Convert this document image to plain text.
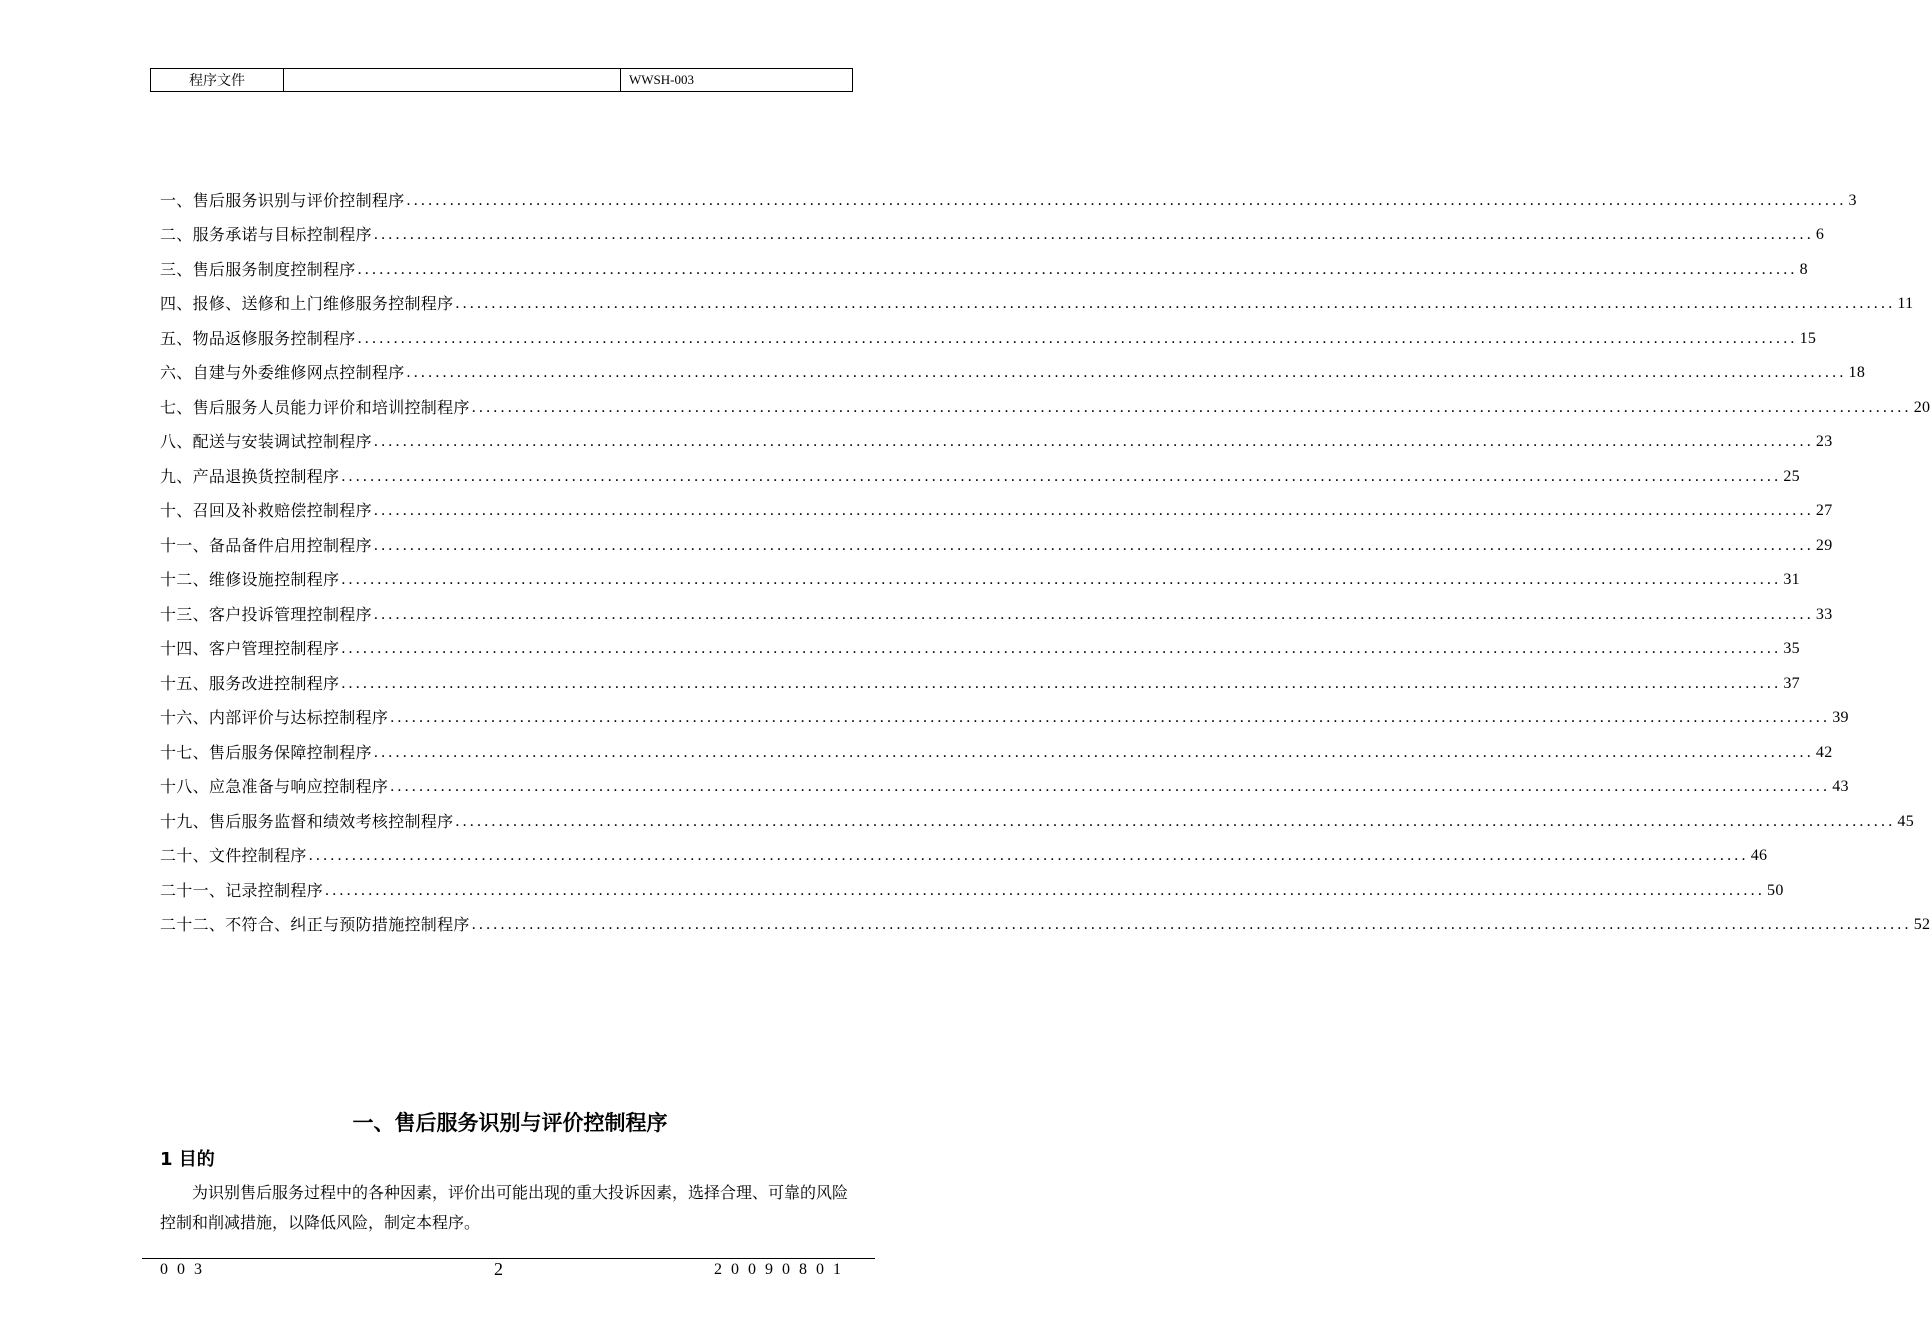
程序文件	WWSH-003
一、售后服务识别与评价控制程序 ........................................................................................................................................................................................................ 3
二、服务承诺与目标控制程序 ........................................................................................................................................................................................................ 6
三、售后服务制度控制程序 ........................................................................................................................................................................................................ 8
四、报修、送修和上门维修服务控制程序 ........................................................................................................................................................................................................ 11
五、物品返修服务控制程序 ........................................................................................................................................................................................................ 15
六、自建与外委维修网点控制程序 ........................................................................................................................................................................................................ 18
七、售后服务人员能力评价和培训控制程序 ........................................................................................................................................................................................................ 20
八、配送与安装调试控制程序 ........................................................................................................................................................................................................ 23
九、产品退换货控制程序 ........................................................................................................................................................................................................ 25
十、召回及补救赔偿控制程序 ........................................................................................................................................................................................................ 27
十一、备品备件启用控制程序 ........................................................................................................................................................................................................ 29
十二、维修设施控制程序 ........................................................................................................................................................................................................ 31
十三、客户投诉管理控制程序 ........................................................................................................................................................................................................ 33
十四、客户管理控制程序 ........................................................................................................................................................................................................ 35
十五、服务改进控制程序 ........................................................................................................................................................................................................ 37
十六、内部评价与达标控制程序 ........................................................................................................................................................................................................ 39
十七、售后服务保障控制程序 ........................................................................................................................................................................................................ 42
十八、应急准备与响应控制程序 ........................................................................................................................................................................................................ 43
十九、售后服务监督和绩效考核控制程序 ........................................................................................................................................................................................................ 45
二十、文件控制程序 ........................................................................................................................................................................................................ 46
二十一、记录控制程序 ........................................................................................................................................................................................................ 50
二十二、不符合、纠正与预防措施控制程序 ........................................................................................................................................................................................................ 52
一、售后服务识别与评价控制程序
1 目的
为识别售后服务过程中的各种因素，评价出可能出现的重大投诉因素，选择合理、可靠的风险控制和削减措施，以降低风险，制定本程序。
003	2	20090801
